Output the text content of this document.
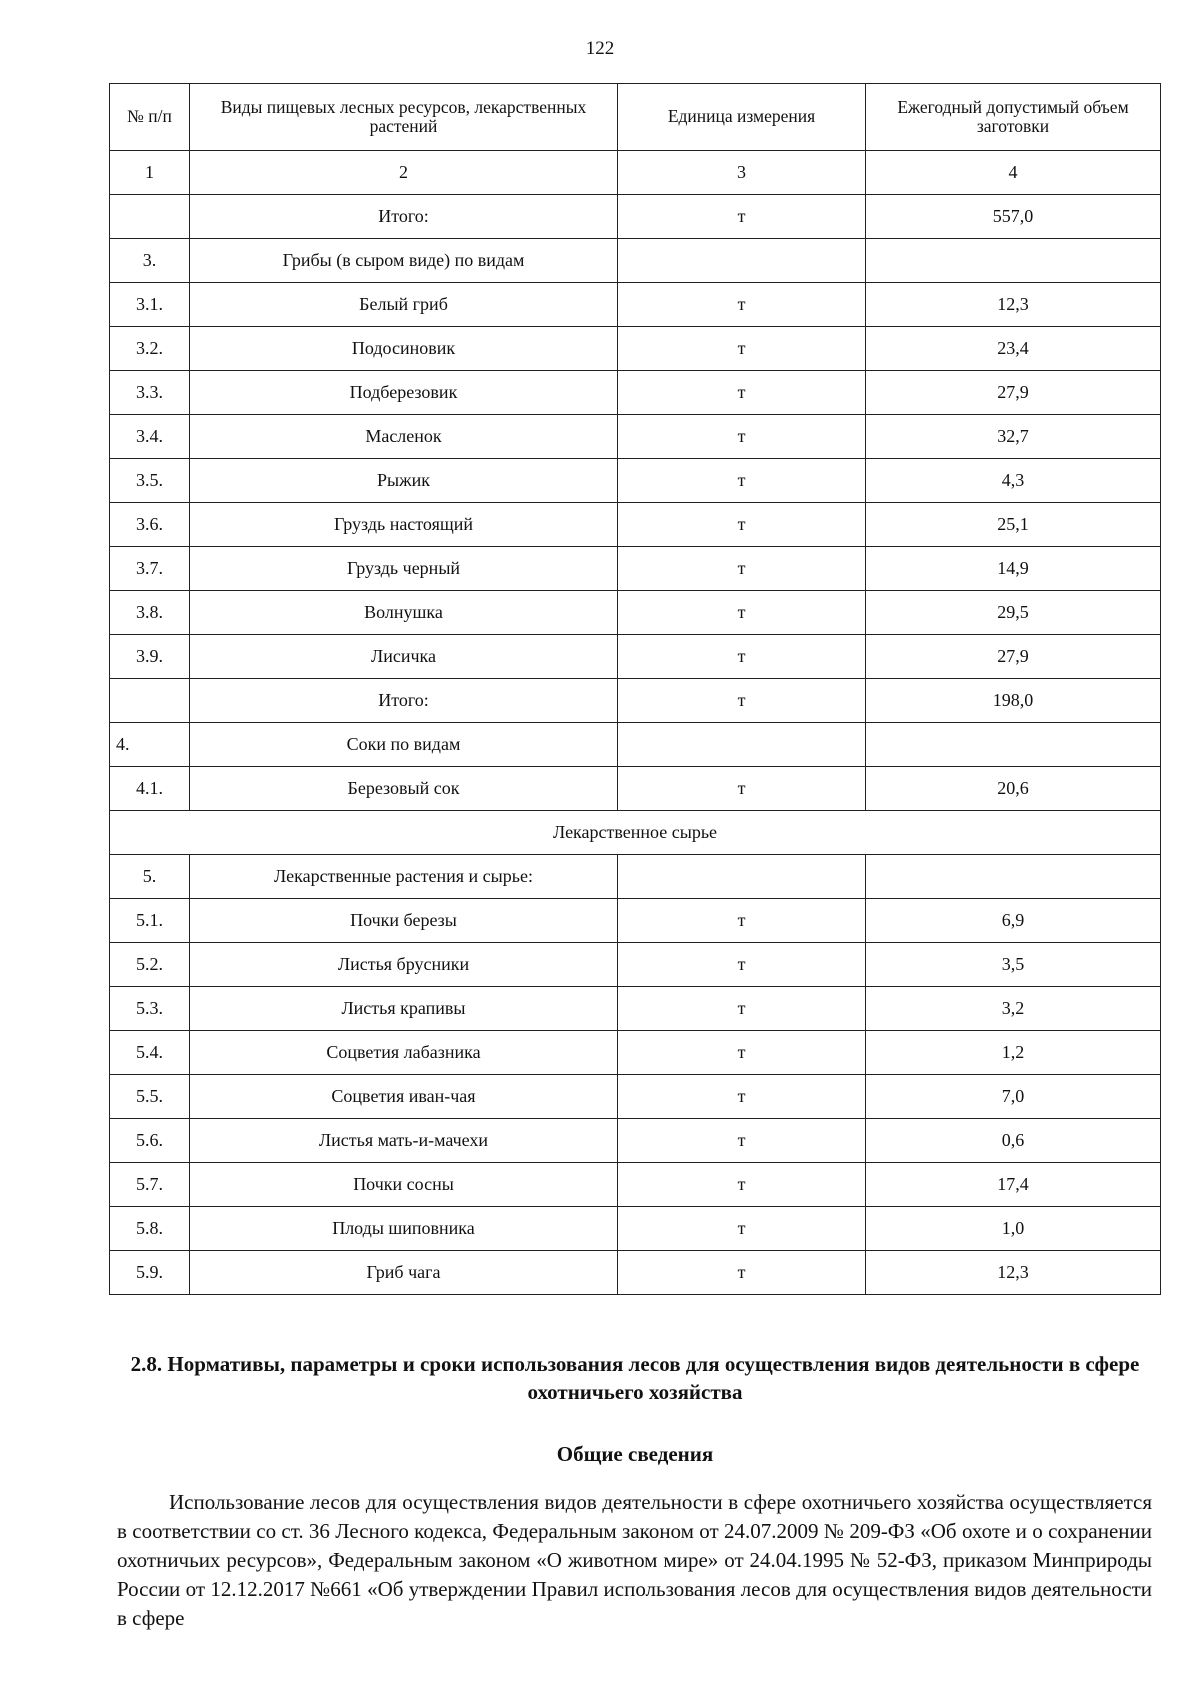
122
№ п/п	Виды пищевых лесных ресурсов, лекарственных растений	Единица измерения	Ежегодный допустимый объем заготовки
1	2	3	4
	Итого:	т	557,0
3.	Грибы (в сыром виде) по видам		
3.1.	Белый гриб	т	12,3
3.2.	Подосиновик	т	23,4
3.3.	Подберезовик	т	27,9
3.4.	Масленок	т	32,7
3.5.	Рыжик	т	4,3
3.6.	Груздь настоящий	т	25,1
3.7.	Груздь черный	т	14,9
3.8.	Волнушка	т	29,5
3.9.	Лисичка	т	27,9
	Итого:	т	198,0
4.	Соки по видам		
4.1.	Березовый сок	т	20,6
Лекарственное сырье			
5.	Лекарственные растения и сырье:		
5.1.	Почки березы	т	6,9
5.2.	Листья брусники	т	3,5
5.3.	Листья крапивы	т	3,2
5.4.	Соцветия лабазника	т	1,2
5.5.	Соцветия иван-чая	т	7,0
5.6.	Листья мать-и-мачехи	т	0,6
5.7.	Почки сосны	т	17,4
5.8.	Плоды шиповника	т	1,0
5.9.	Гриб чага	т	12,3
2.8. Нормативы, параметры и сроки использования лесов для осуществления видов деятельности в сфере охотничьего хозяйства
Общие сведения

Использование лесов для осуществления видов деятельности в сфере охотничьего хозяйства осуществляется в соответствии со ст. 36 Лесного кодекса, Федеральным законом от 24.07.2009 № 209-ФЗ «Об охоте и о сохранении охотничьих ресурсов», Федеральным законом «О животном мире» от 24.04.1995 № 52-ФЗ, приказом Минприроды России от 12.12.2017 №661 «Об утверждении Правил использования лесов для осуществления видов деятельности в сфере
